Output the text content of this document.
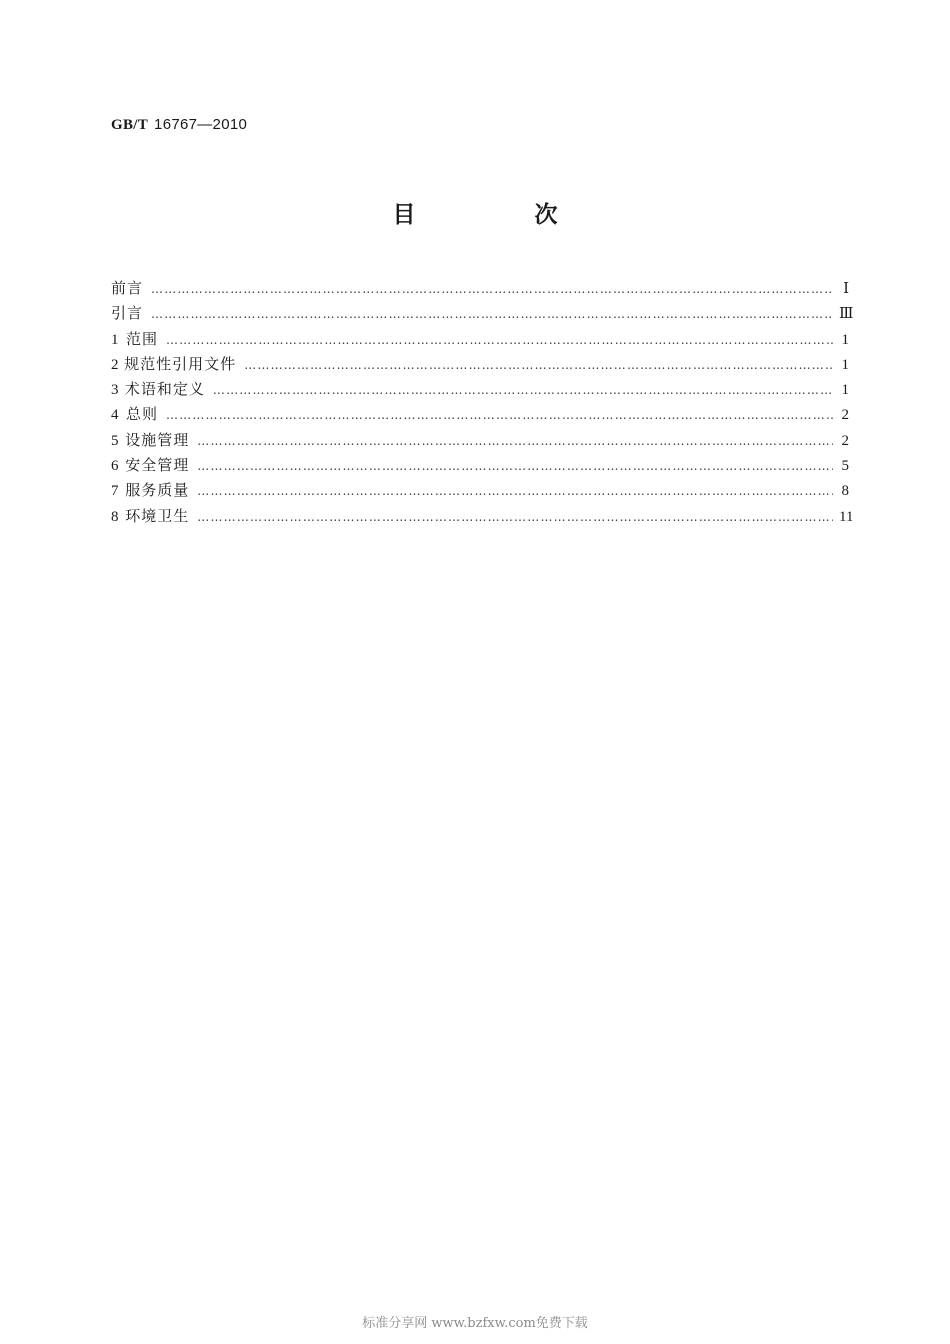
GB/T 16767—2010
目　次
前言 …………………………………………………………………………………………………………………………………………………………………………………………………………………………………………	Ⅰ
引言 …………………………………………………………………………………………………………………………………………………………………………………………………………………………………………	Ⅲ
1 范围 …………………………………………………………………………………………………………………………………………………………………………………………………………………………………………	1
2 规范性引用文件 …………………………………………………………………………………………………………………………………………………………………………………………………………………………………………	1
3 术语和定义 …………………………………………………………………………………………………………………………………………………………………………………………………………………………………………	1
4 总则 …………………………………………………………………………………………………………………………………………………………………………………………………………………………………………	2
5 设施管理 …………………………………………………………………………………………………………………………………………………………………………………………………………………………………………	2
6 安全管理 …………………………………………………………………………………………………………………………………………………………………………………………………………………………………………	5
7 服务质量 …………………………………………………………………………………………………………………………………………………………………………………………………………………………………………	8
8 环境卫生 …………………………………………………………………………………………………………………………………………………………………………………………………………………………………………	11
标准分享网 www.bzfxw.com免费下载
